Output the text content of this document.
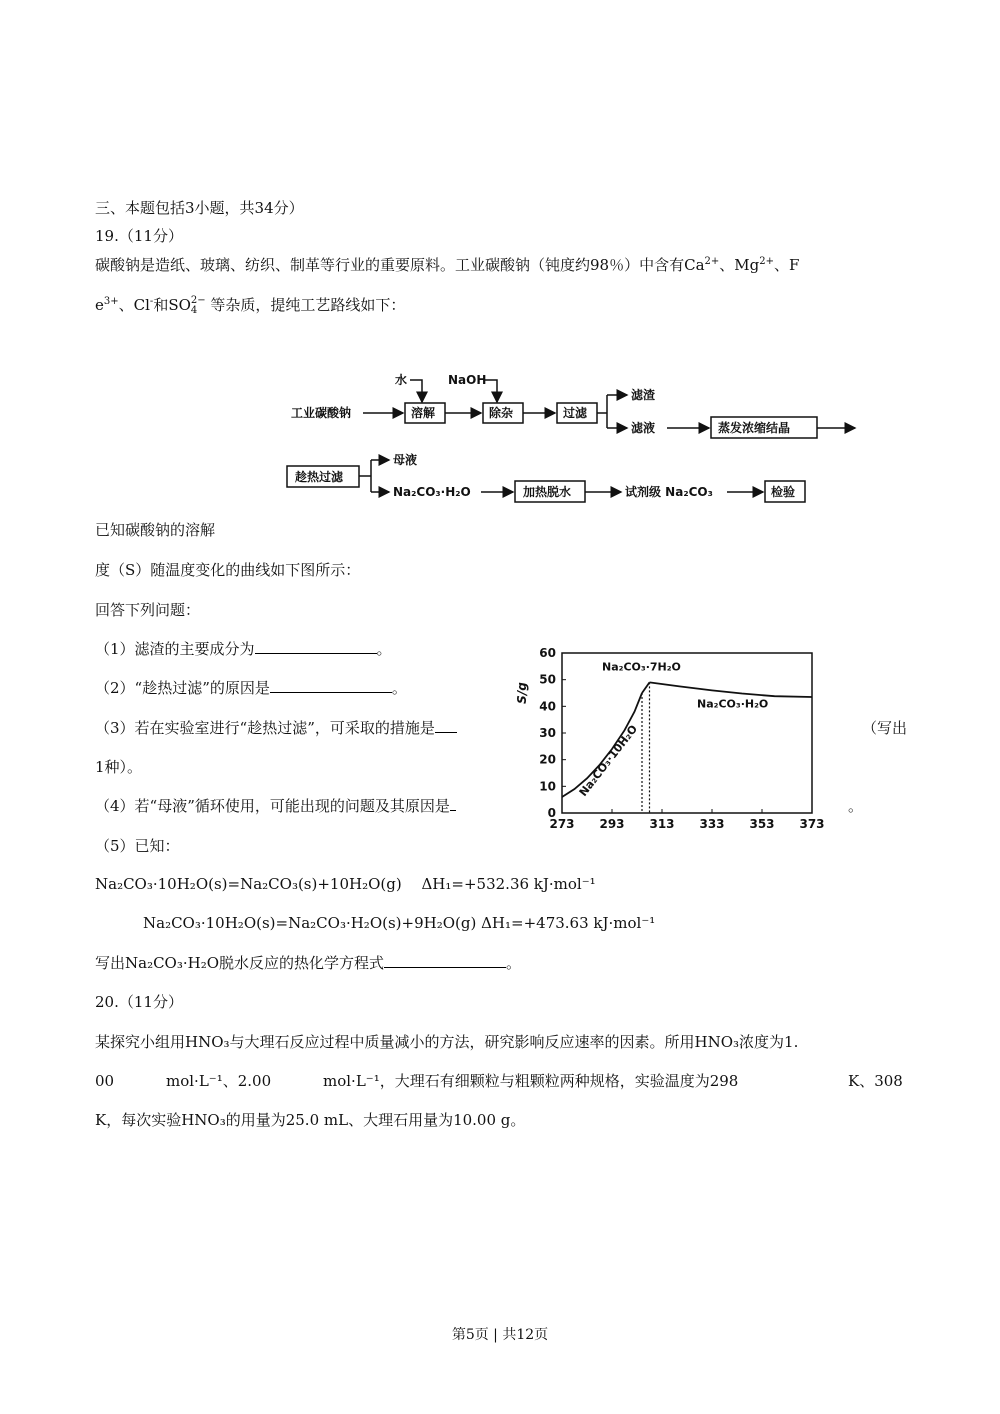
三、本题包括3小题，共34分）
19.（11分）
碳酸钠是造纸、玻璃、纺织、制革等行业的重要原料。工业碳酸钠（钝度约98％）中含有$Ca^{2+}$、$Mg^{2+}$、F
$e^{3+}$、Cl-和SO2−
4 等杂质，提纯工艺路线如下：
水	NaOH
工业碳酸钠	溶解	除杂	过滤
滤渣
滤液	蒸发浓缩结晶
趁热过滤
母液
Na₂CO₃·H₂O	加热脱水	试剂级 Na₂CO₃	检验
已知碳酸钠的溶解
度（S）随温度变化的曲线如下图所示：
回答下列问题：
（1）滤渣的主要成分为	。
（2）“趁热过滤”的原因是	。
（3）若在实验室进行“趁热过滤”，可采取的措施是	（写出
1种）。
（4）若“母液”循环使用，可能出现的问题及其原因是	。
（5）已知：
273 293 313 333 353 373
0
10
20
30
40
50
60
S/g
Na₂CO₃·10H₂O
Na₂CO₃·7H₂O
Na₂CO₃·H₂O
Na₂CO₃·10H₂O(s)=Na₂CO₃(s)+10H₂O(g)　 ΔH₁=+532.36 kJ·mol⁻¹
Na₂CO₃·10H₂O(s)=Na₂CO₃·H₂O(s)+9H₂O(g) ΔH₁=+473.63 kJ·mol⁻¹
写出Na₂CO₃·H₂O脱水反应的热化学方程式	。
20.（11分）
某探究小组用HNO₃与大理石反应过程中质量减小的方法，研究影响反应速率的因素。所用HNO₃浓度为1.
00	mol·L⁻¹、2.00	mol·L⁻¹，大理石有细颗粒与粗颗粒两种规格，实验温度为298	K、308
K，每次实验HNO₃的用量为25.0 mL、大理石用量为10.00 g。
第5页 | 共12页
